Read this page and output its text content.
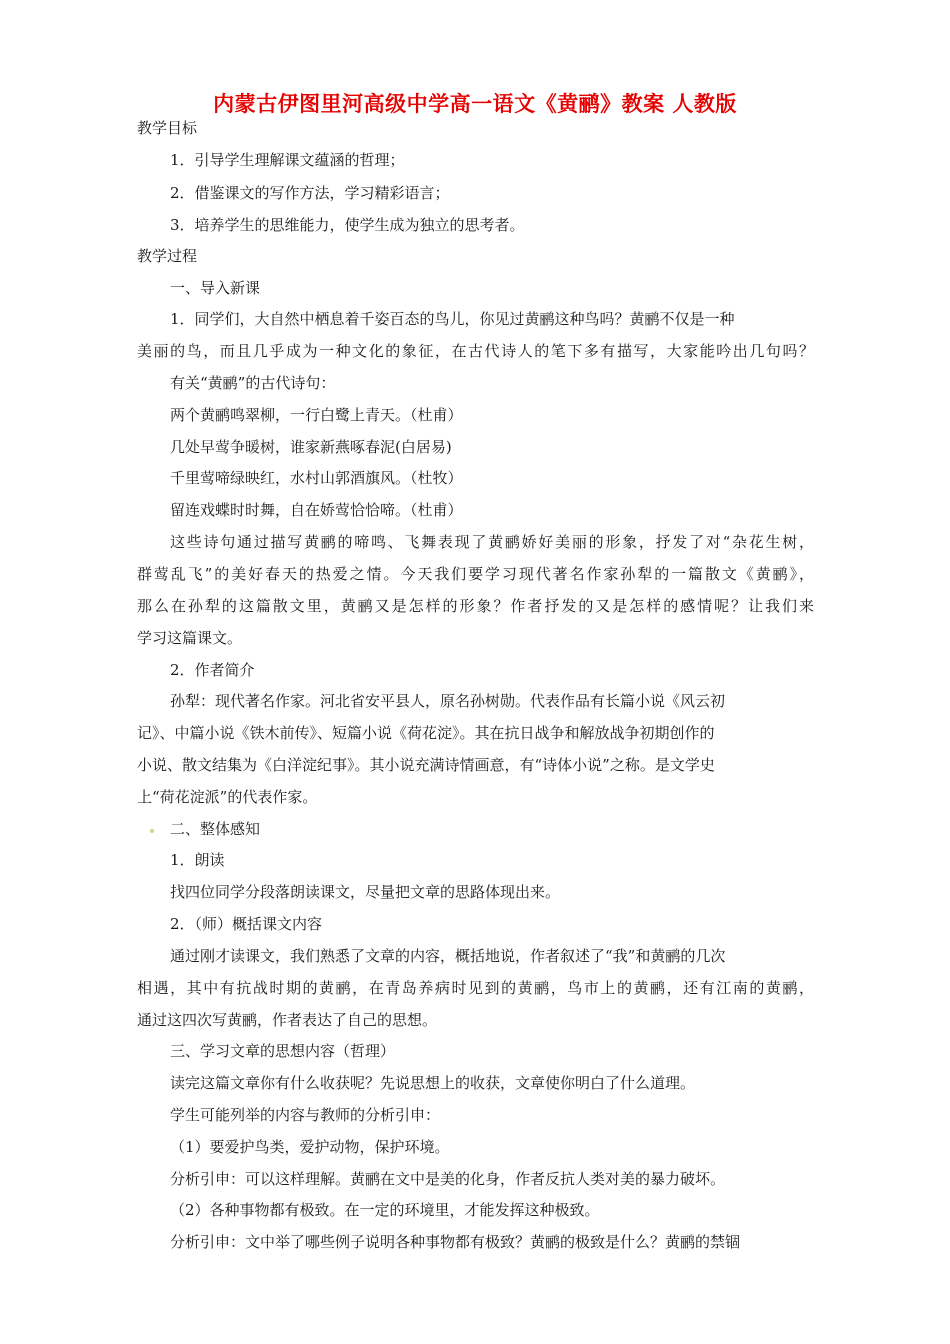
内蒙古伊图里河高级中学高一语文《黄鹂》教案 人教版
教学目标
1．引导学生理解课文蕴涵的哲理；
2．借鉴课文的写作方法，学习精彩语言；
3．培养学生的思维能力，使学生成为独立的思考者。
教学过程
一、导入新课
1．同学们，大自然中栖息着千姿百态的鸟儿，你见过黄鹂这种鸟吗？黄鹂不仅是一种
美丽的鸟，而且几乎成为一种文化的象征，在古代诗人的笔下多有描写，大家能吟出几句吗？
有关“黄鹂”的古代诗句：
两个黄鹂鸣翠柳，一行白鹭上青天。（杜甫）
几处早莺争暖树，谁家新燕啄春泥(白居易)
千里莺啼绿映红，水村山郭酒旗风。（杜牧）
留连戏蝶时时舞，自在娇莺恰恰啼。（杜甫）
这些诗句通过描写黄鹂的啼鸣、飞舞表现了黄鹂娇好美丽的形象，抒发了对“杂花生树，
群莺乱飞”的美好春天的热爱之情。今天我们要学习现代著名作家孙犁的一篇散文《黄鹂》，
那么在孙犁的这篇散文里，黄鹂又是怎样的形象？作者抒发的又是怎样的感情呢？让我们来
学习这篇课文。
2．作者简介
孙犁：现代著名作家。河北省安平县人，原名孙树勋。代表作品有长篇小说《风云初
记》、中篇小说《铁木前传》、短篇小说《荷花淀》。其在抗日战争和解放战争初期创作的
小说、散文结集为《白洋淀纪事》。其小说充满诗情画意，有“诗体小说”之称。是文学史
上“荷花淀派”的代表作家。
二、整体感知
1．朗读
找四位同学分段落朗读课文，尽量把文章的思路体现出来。
2．（师）概括课文内容
通过刚才读课文，我们熟悉了文章的内容，概括地说，作者叙述了“我”和黄鹂的几次
相遇，其中有抗战时期的黄鹂，在青岛养病时见到的黄鹂，鸟市上的黄鹂，还有江南的黄鹂，
通过这四次写黄鹂，作者表达了自己的思想。
三、学习文章的思想内容（哲理）
读完这篇文章你有什么收获呢？先说思想上的收获，文章使你明白了什么道理。
学生可能列举的内容与教师的分析引申：
（1）要爱护鸟类，爱护动物，保护环境。
分析引申：可以这样理解。黄鹂在文中是美的化身，作者反抗人类对美的暴力破坏。
（2）各种事物都有极致。在一定的环境里，才能发挥这种极致。
分析引申：文中举了哪些例子说明各种事物都有极致？黄鹂的极致是什么？黄鹂的禁锢
